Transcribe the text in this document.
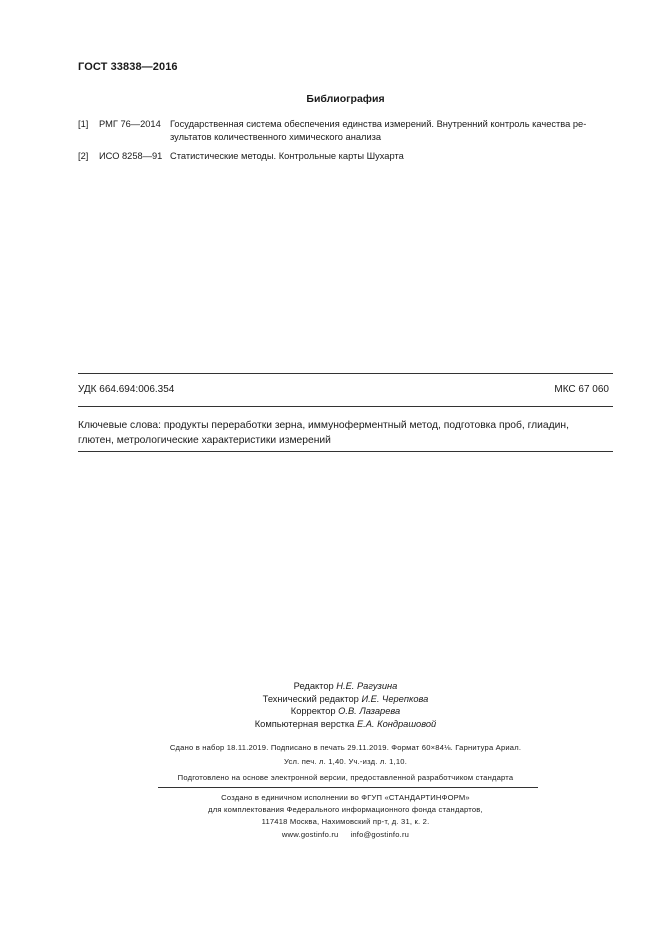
ГОСТ 33838—2016
Библиография
[1] РМГ 76—2014 Государственная система обеспечения единства измерений. Внутренний контроль качества ре-
зультатов количественного химического анализа
[2] ИСО 8258—91 Статистические методы. Контрольные карты Шухарта
УДК 664.694:006.354	МКС 67 060
Ключевые слова: продукты переработки зерна, иммуноферментный метод, подготовка проб, глиадин,
глютен, метрологические характеристики измерений
Редактор Н.Е. Рагузина
Технический редактор И.Е. Черепкова
Корректор О.В. Лазарева
Компьютерная верстка Е.А. Кондрашовой
Сдано в набор 18.11.2019. Подписано в печать 29.11.2019. Формат 60×84⅛. Гарнитура Ариал.
Усл. печ. л. 1,40. Уч.-изд. л. 1,10.
Подготовлено на основе электронной версии, предоставленной разработчиком стандарта
Создано в единичном исполнении во ФГУП «СТАНДАРТИНФОРМ»
для комплектования Федерального информационного фонда стандартов,
117418 Москва, Нахимовский пр-т, д. 31, к. 2.
www.gostinfo.ru info@gostinfo.ru
